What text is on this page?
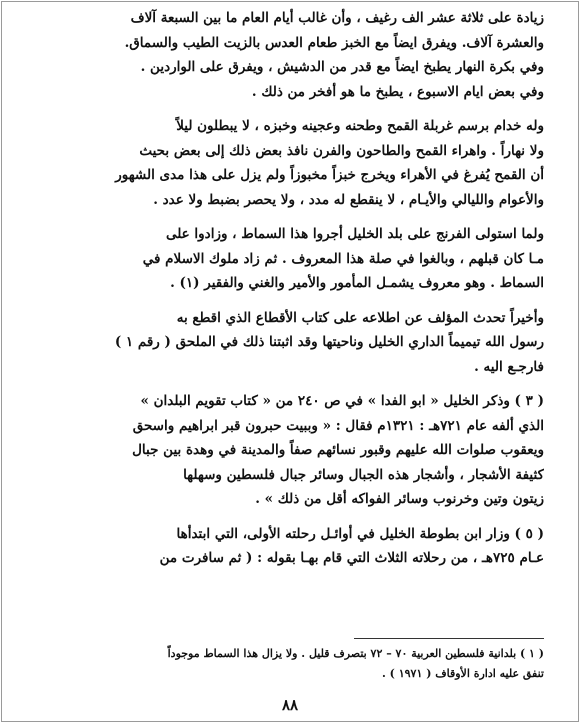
زيادة على ثلاثة عشر الف رغيف ، وأن غالب أيام العام ما بين السبعة آلاف

والعشرة آلاف. ويفرق ايضاً مع الخبز طعام العدس بالزيت الطيب والسماق.

وفي بكرة النهار يطبخ ايضاً مع قدر من الدشيش ، ويفرق على الواردين .

وفي بعض ايام الاسبوع ، يطبخ ما هو أفخر من ذلك .

وله خدام برسم غربلة القمح وطحنه وعجينه وخبزه ، لا يبطلون ليلاً

ولا نهاراً . واهراء القمح والطاحون والفرن نافذ بعض ذلك إلى بعض بحيث

أن القمح يُفرغ في الأهراء ويخرج خبزاً مخبوزاً ولم يزل على هذا مدى الشهور

والأعوام والليالي والأيـام ، لا ينقطع له مدد ، ولا يحصر بضبط ولا عدد .

ولما استولى الفرنج على بلد الخليل أجروا هذا السماط ، وزادوا على

مـا كان قبلهم ، وبالغوا في صلة هذا المعروف . ثم زاد ملوك الاسلام في

السماط . وهو معروف يشمـل المأمور والأمير والغني والفقير (١) .

وأخيراً تحدث المؤلف عن اطلاعه على كتاب الأقطاع الذي اقطع به

رسول الله تيميماً الداري الخليل وناحيتها وقد اثبتنا ذلك في الملحق ( رقم ١ )

فارجـع اليه .

( ٣ ) وذكر الخليل « ابو الفدا » في ص ٢٤٠ من « كتاب تقويم البلدان »

الذي ألفه عام ٧٢١هـ : ١٣٢١م فقال : « وببيت حبرون قبر ابراهيم واسحق

ويعقوب صلوات الله عليهم وقبور نسائهم صفاً والمدينة في وهدة بين جبال

كثيفة الأشجار ، وأشجار هذه الجبال وسائر جبال فلسطين وسهلها

زيتون وتين وخرنوب وسائر الفواكه أقل من ذلك » .

( ٥ ) وزار ابن بطوطة الخليل في أوائـل رحلته الأولى، التي ابتدأها

عـام ٧٢٥هـ ، من رحلاته الثلاث التي قام بهـا بقوله : ( ثم سافرت من

( ١ ) بلدانية فلسطين العربية ٧٠ – ٧٢ بتصرف قليل . ولا يزال هذا السماط موجوداً

تنفق عليه ادارة الأوقاف ( ١٩٧١ ) .

٨٨
